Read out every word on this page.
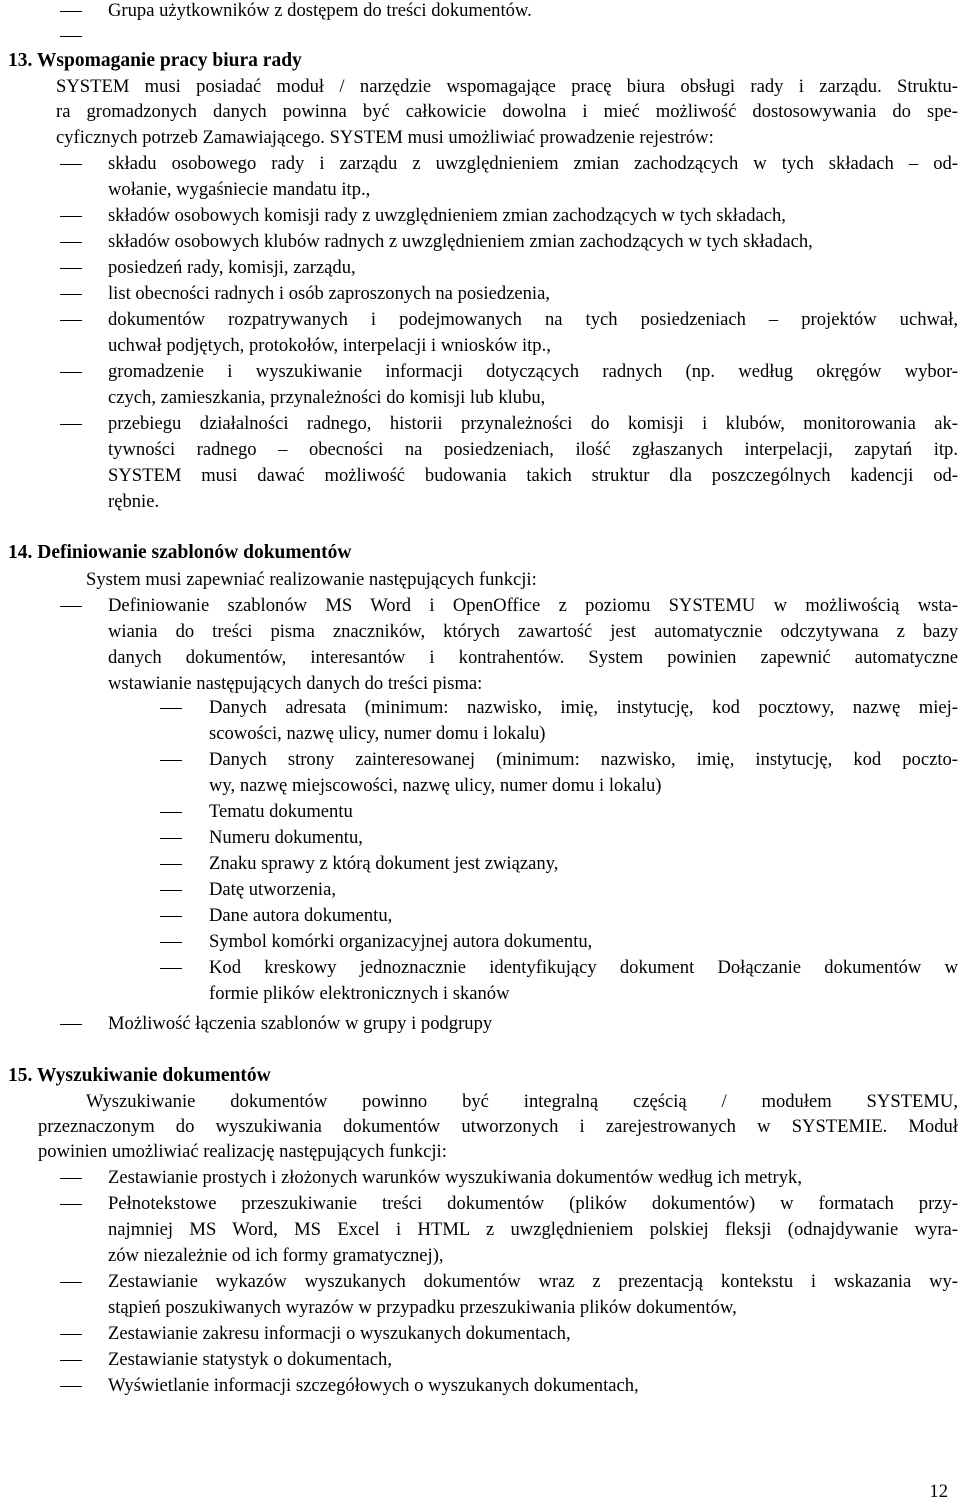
Grupa użytkowników z dostępem do treści dokumentów.
13. Wspomaganie pracy biura rady
SYSTEM musi posiadać moduł / narzędzie wspomagające pracę biura obsługi rady i zarządu. Struktu-
ra gromadzonych danych powinna być całkowicie dowolna i mieć możliwość dostosowywania do spe-
cyficznych potrzeb Zamawiającego. SYSTEM musi umożliwiać prowadzenie rejestrów:
składu osobowego rady i zarządu z uwzględnieniem zmian zachodzących w tych składach – od-
wołanie, wygaśniecie mandatu itp.,
składów osobowych komisji rady z uwzględnieniem zmian zachodzących w tych składach,
składów osobowych klubów radnych z uwzględnieniem zmian zachodzących w tych składach,
posiedzeń rady, komisji, zarządu,
list obecności radnych i osób zaproszonych na posiedzenia,
dokumentów rozpatrywanych i podejmowanych na tych posiedzeniach – projektów uchwał,
uchwał podjętych, protokołów, interpelacji i wniosków itp.,
gromadzenie i wyszukiwanie informacji dotyczących radnych (np. według okręgów wybor-
czych, zamieszkania, przynależności do komisji lub klubu,
przebiegu działalności radnego, historii przynależności do komisji i klubów, monitorowania ak-
tywności radnego – obecności na posiedzeniach, ilość zgłaszanych interpelacji, zapytań itp.
SYSTEM musi dawać możliwość budowania takich struktur dla poszczególnych kadencji od-
rębnie.
14. Definiowanie szablonów dokumentów
System musi zapewniać realizowanie następujących funkcji:
Definiowanie szablonów MS Word i OpenOffice z poziomu SYSTEMU w możliwością wsta-
wiania do treści pisma znaczników, których zawartość jest automatycznie odczytywana z bazy
danych dokumentów, interesantów i kontrahentów. System powinien zapewnić automatyczne
wstawianie następujących danych do treści pisma:
Danych adresata (minimum: nazwisko, imię, instytucję, kod pocztowy, nazwę miej-
scowości, nazwę ulicy, numer domu i lokalu)
Danych strony zainteresowanej (minimum: nazwisko, imię, instytucję, kod poczto-
wy, nazwę miejscowości, nazwę ulicy, numer domu i lokalu)
Tematu dokumentu
Numeru dokumentu,
Znaku sprawy z którą dokument jest związany,
Datę utworzenia,
Dane autora dokumentu,
Symbol komórki organizacyjnej autora dokumentu,
Kod kreskowy jednoznacznie identyfikujący dokument Dołączanie dokumentów w
formie plików elektronicznych i skanów
Możliwość łączenia szablonów w grupy i podgrupy
15. Wyszukiwanie dokumentów
Wyszukiwanie dokumentów powinno być integralną częścią / modułem SYSTEMU,
przeznaczonym do wyszukiwania dokumentów utworzonych i zarejestrowanych w SYSTEMIE. Moduł
powinien umożliwiać realizację następujących funkcji:
Zestawianie prostych i złożonych warunków wyszukiwania dokumentów według ich metryk,
Pełnotekstowe przeszukiwanie treści dokumentów (plików dokumentów) w formatach przy-
najmniej MS Word, MS Excel i HTML z uwzględnieniem polskiej fleksji (odnajdywanie wyra-
zów niezależnie od ich formy gramatycznej),
Zestawianie wykazów wyszukanych dokumentów wraz z prezentacją kontekstu i wskazania wy-
stąpień poszukiwanych wyrazów w przypadku przeszukiwania plików dokumentów,
Zestawianie zakresu informacji o wyszukanych dokumentach,
Zestawianie statystyk o dokumentach,
Wyświetlanie informacji szczegółowych o wyszukanych dokumentach,
12
